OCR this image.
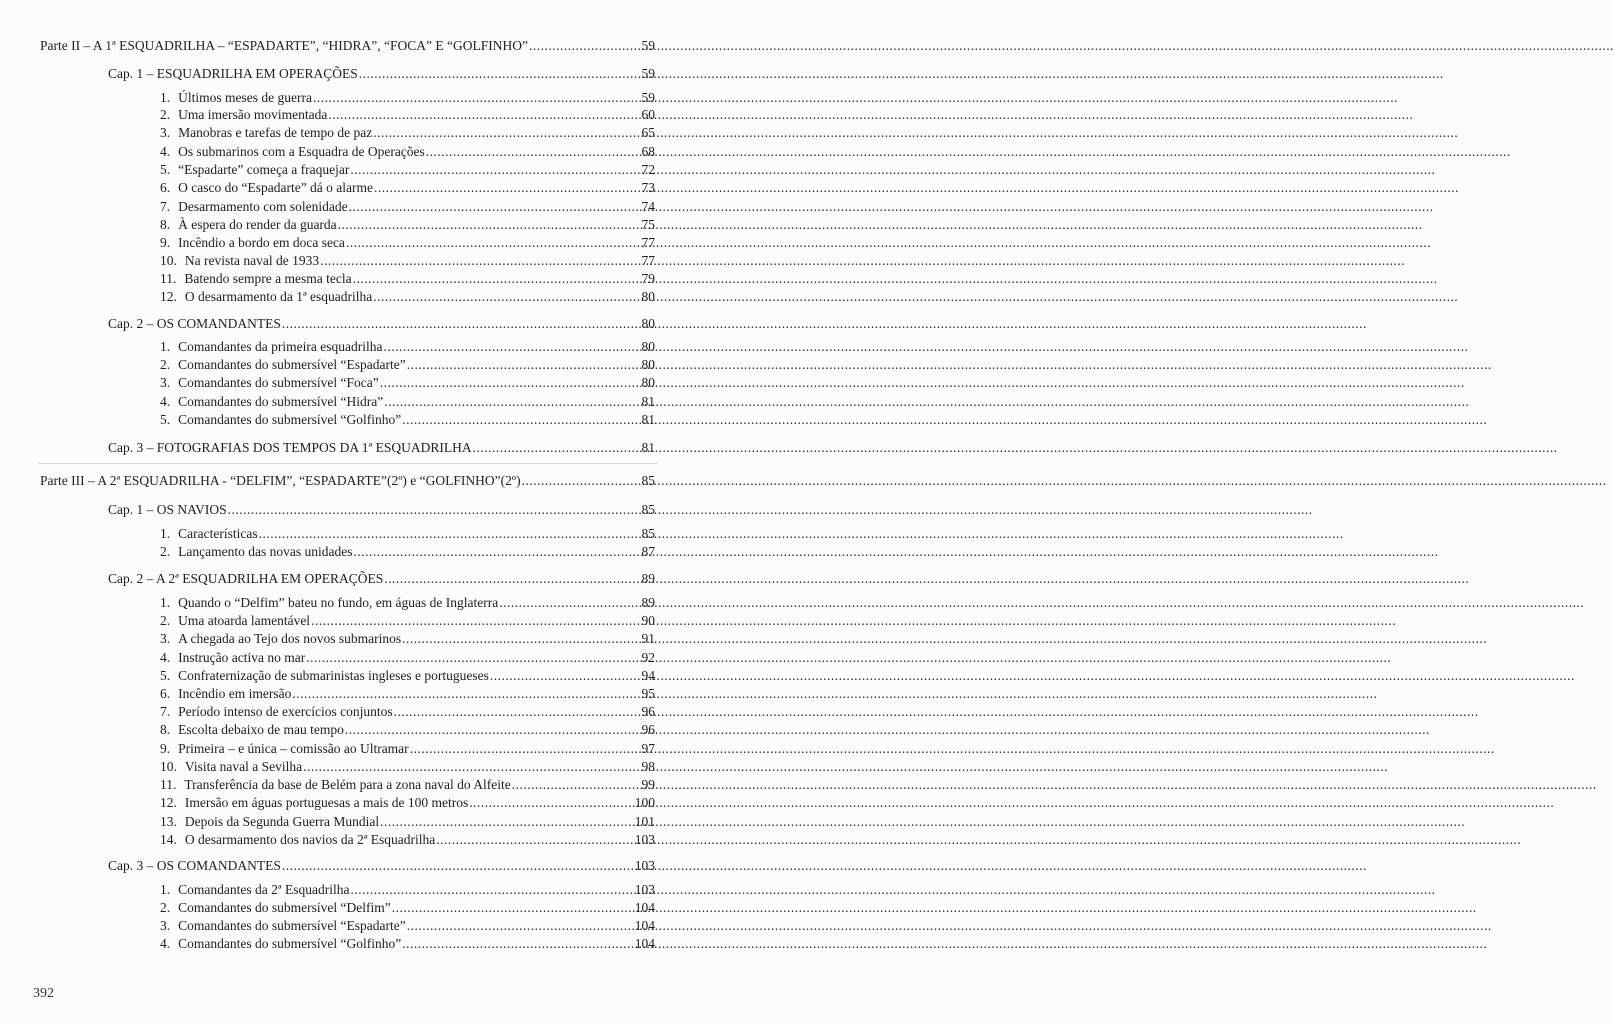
Parte II – A 1ª ESQUADRILHA – “ESPADARTE”, “HIDRA”, “FOCA” E “GOLFINHO” .....	59
Cap. 1 – ESQUADRILHA EM OPERAÇÕES .....	59
1. Últimos meses de guerra .....	59
2. Uma imersão movimentada .....	60
3. Manobras e tarefas de tempo de paz .....	65
4. Os submarinos com a Esquadra de Operações .....	68
5. “Espadarte” começa a fraquejar .....	72
6. O casco do “Espadarte” dá o alarme .....	73
7. Desarmamento com solenidade .....	74
8. À espera do render da guarda .....	75
9. Incêndio a bordo em doca seca .....	77
10. Na revista naval de 1933 .....	77
11. Batendo sempre a mesma tecla .....	79
12. O desarmamento da 1ª esquadrilha .....	80
Cap. 2 – OS COMANDANTES .....	80
1. Comandantes da primeira esquadrilha .....	80
2. Comandantes do submersível “Espadarte” .....	80
3. Comandantes do submersível “Foca” .....	80
4. Comandantes do submersível “Hidra” .....	81
5. Comandantes do submersível “Golfinho” .....	81
Cap. 3 – FOTOGRAFIAS DOS TEMPOS DA 1ª ESQUADRILHA .....	81
Parte III – A 2ª ESQUADRILHA - “DELFIM”, “ESPADARTE”(2º) e “GOLFINHO”(2º) .....	85
Cap. 1 – OS NAVIOS .....	85
1. Características .....	85
2. Lançamento das novas unidades .....	87
Cap. 2 – A 2ª ESQUADRILHA EM OPERAÇÕES .....	89
1. Quando o “Delfim” bateu no fundo, em águas de Inglaterra .....	89
2. Uma atoarda lamentável .....	90
3. A chegada ao Tejo dos novos submarinos .....	91
4. Instrução activa no mar .....	92
5. Confraternização de submarinistas ingleses e portugueses .....	94
6. Incêndio em imersão .....	95
7. Período intenso de exercícios conjuntos .....	96
8. Escolta debaixo de mau tempo .....	96
9. Primeira – e única – comissão ao Ultramar .....	97
10. Visita naval a Sevilha .....	98
11. Transferência da base de Belém para a zona naval do Alfeite .....	99
12. Imersão em águas portuguesas a mais de 100 metros .....	100
13. Depois da Segunda Guerra Mundial .....	101
14. O desarmamento dos navios da 2ª Esquadrilha .....	103
Cap. 3 – OS COMANDANTES .....	103
1. Comandantes da 2ª Esquadrilha .....	103
2. Comandantes do submersível “Delfim” .....	104
3. Comandantes do submersível “Espadarte” .....	104
4. Comandantes do submersível “Golfinho” .....	104
392
